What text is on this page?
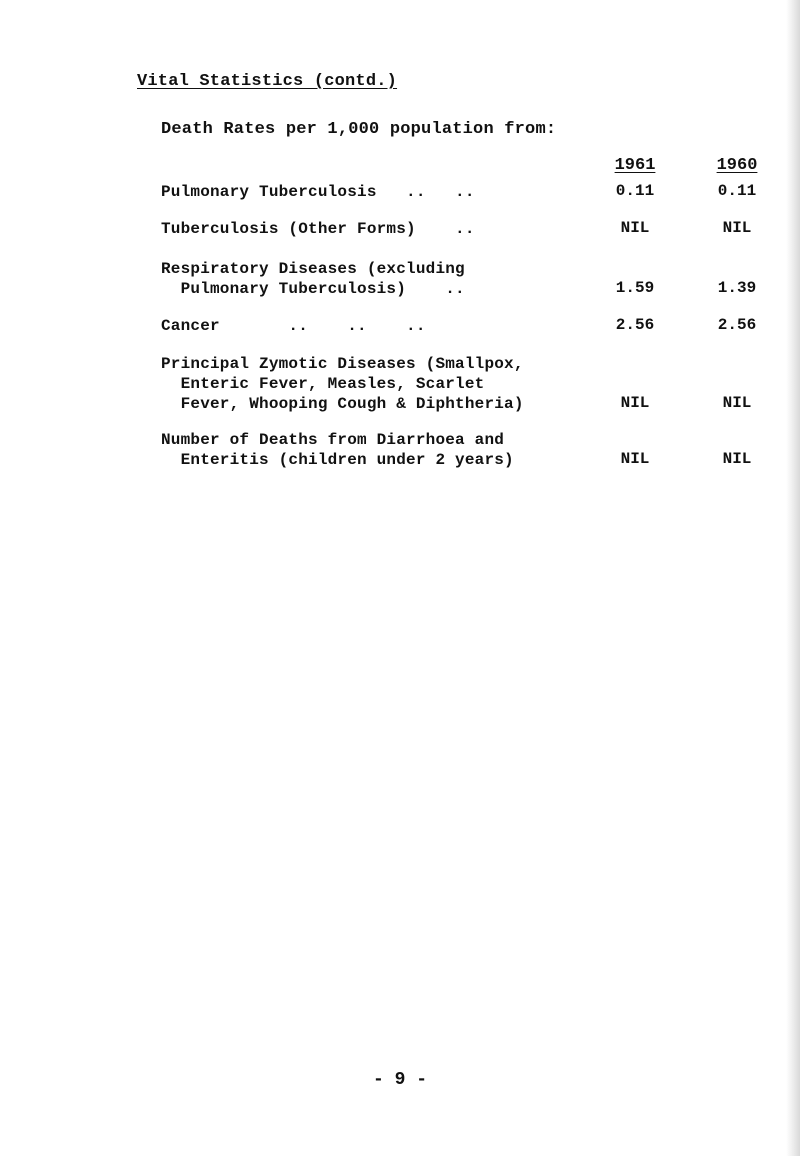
Vital Statistics (contd.)
Death Rates per 1,000 population from:
1961	1960
Pulmonary Tuberculosis   ..   ..	0.11	0.11
Tuberculosis (Other Forms)    ..	NIL	NIL
Respiratory Diseases (excluding
Pulmonary Tuberculosis)    ..	1.59	1.39
Cancer       ..    ..    ..	2.56	2.56
Principal Zymotic Diseases (Smallpox,
Enteric Fever, Measles, Scarlet
Fever, Whooping Cough & Diphtheria)	NIL	NIL
Number of Deaths from Diarrhoea and
Enteritis (children under 2 years)	NIL	NIL
- 9 -
